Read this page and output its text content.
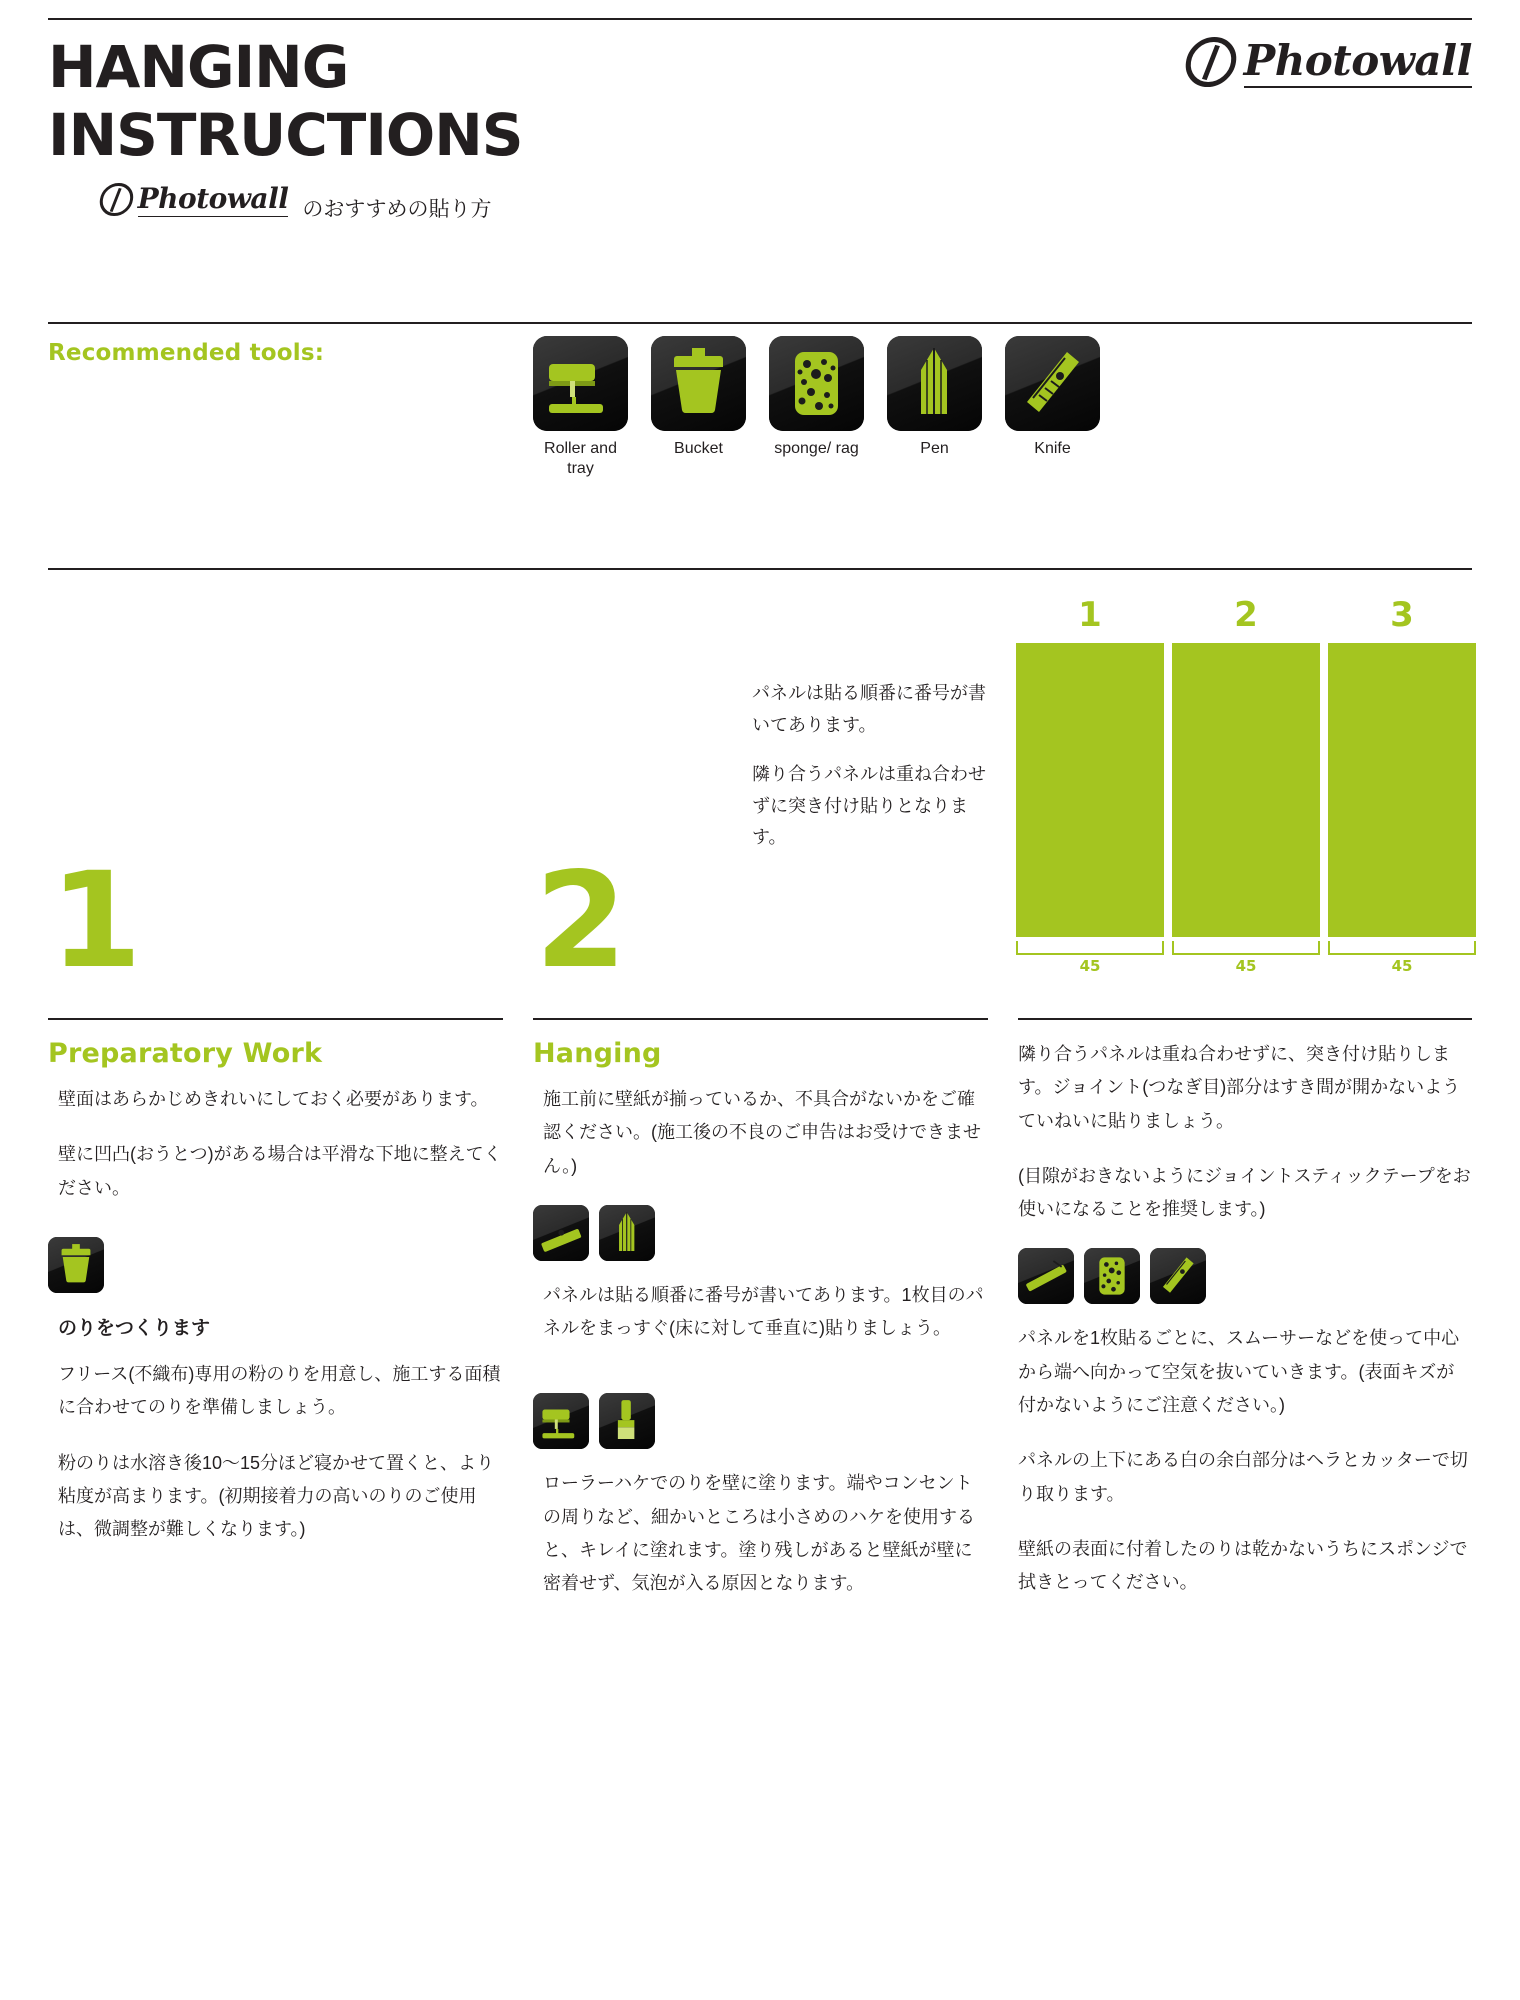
HANGING
INSTRUCTIONS
Photowall のおすすめの貼り方
Photowall
Recommended tools:
Roller and tray
Bucket	sponge/ rag	Pen	Knife

パネルは貼る順番に番号が書いてあります。

隣り合うパネルは重ね合わせずに突き付け貼りとなります。

1	2	3
45	45	45
1	2
Preparatory Work

壁面はあらかじめきれいにしておく必要があります。

壁に凹凸(おうとつ)がある場合は平滑な下地に整えてください。

のりをつくります

フリース(不織布)専用の粉のりを用意し、施工する面積に合わせてのりを準備しましょう。

粉のりは水溶き後10〜15分ほど寝かせて置くと、より粘度が高まります。(初期接着力の高いのりのご使用は、微調整が難しくなります。)

Hanging

施工前に壁紙が揃っているか、不具合がないかをご確認ください。(施工後の不良のご申告はお受けできません。)

パネルは貼る順番に番号が書いてあります。1枚目のパネルをまっすぐ(床に対して垂直に)貼りましょう。

ローラーハケでのりを壁に塗ります。端やコンセントの周りなど、細かいところは小さめのハケを使用すると、キレイに塗れます。塗り残しがあると壁紙が壁に密着せず、気泡が入る原因となります。

隣り合うパネルは重ね合わせずに、突き付け貼りします。ジョイント(つなぎ目)部分はすき間が開かないようていねいに貼りましょう。

(目隙がおきないようにジョイントスティックテープをお使いになることを推奨します。)

パネルを1枚貼るごとに、スムーサーなどを使って中心から端へ向かって空気を抜いていきます。(表面キズが付かないようにご注意ください。)

パネルの上下にある白の余白部分はヘラとカッターで切り取ります。

壁紙の表面に付着したのりは乾かないうちにスポンジで拭きとってください。
